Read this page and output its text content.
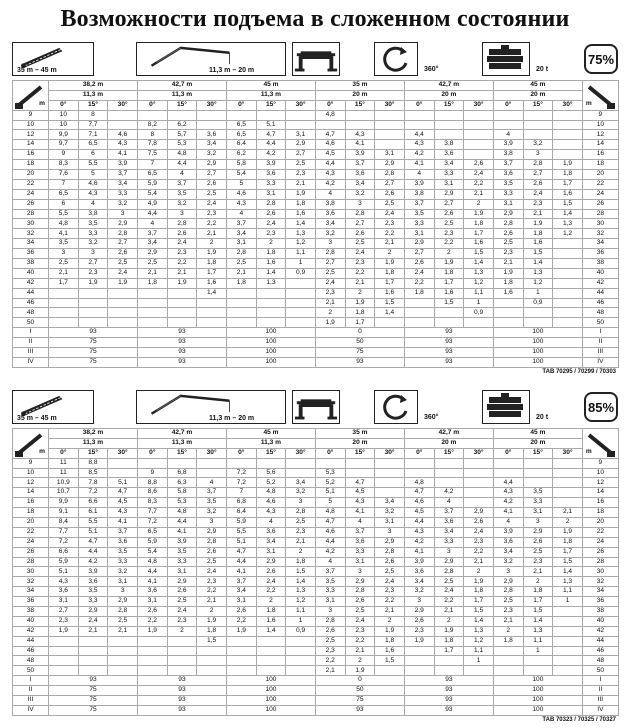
Возможности подъема в сложенном состоянии
35 m – 45 m	11,3 m – 20 m	360°	20 t
75%
m	38,2 m			42,7 m			45 m			35 m			42,7 m			45 m			m

	11,3 m			11,3 m			11,3 m			20 m			20 m			20 m			
	0°	15°	30°	0°	15°	30°	0°	15°	30°	0°	15°	30°	0°	15°	30°	0°	15°	30°	
9	10	8								4,8									9
10	10	7,7		8,2	6,2		6,5	5,1											10
12	9,9	7,1	4,6	8	5,7	3,6	6,5	4,7	3,1	4,7	4,3		4,4			4			12
14	9,7	6,5	4,3	7,8	5,3	3,4	6,4	4,4	2,9	4,6	4,1		4,3	3,8		3,9	3,2		14
16	9	6	4,1	7,5	4,8	3,2	6,2	4,2	2,7	4,5	3,9	3,1	4,2	3,6		3,8	3		16
18	8,3	5,5	3,9	7	4,4	2,9	5,8	3,9	2,5	4,4	3,7	2,9	4,1	3,4	2,6	3,7	2,8	1,9	18
20	7,6	5	3,7	6,5	4	2,7	5,4	3,6	2,3	4,3	3,6	2,8	4	3,3	2,4	3,6	2,7	1,8	20
22	7	4,6	3,4	5,9	3,7	2,6	5	3,3	2,1	4,2	3,4	2,7	3,9	3,1	2,2	3,5	2,6	1,7	22
24	6,5	4,3	3,3	5,4	3,5	2,5	4,6	3,1	1,9	4	3,2	2,6	3,8	2,9	2,1	3,3	2,4	1,6	24
26	6	4	3,2	4,9	3,2	2,4	4,3	2,8	1,8	3,8	3	2,5	3,7	2,7	2	3,1	2,3	1,5	26
28	5,5	3,8	3	4,4	3	2,3	4	2,6	1,6	3,6	2,8	2,4	3,5	2,6	1,9	2,9	2,1	1,4	28
30	4,8	3,5	2,9	4	2,8	2,2	3,7	2,4	1,4	3,4	2,7	2,3	3,3	2,5	1,8	2,8	1,9	1,3	30
32	4,1	3,3	2,8	3,7	2,6	2,1	3,4	2,3	1,3	3,2	2,6	2,2	3,1	2,3	1,7	2,6	1,8	1,2	32
34	3,5	3,2	2,7	3,4	2,4	2	3,1	2	1,2	3	2,5	2,1	2,9	2,2	1,6	2,5	1,6		34
36	3	3	2,6	2,9	2,3	1,9	2,8	1,8	1,1	2,8	2,4	2	2,7	2	1,5	2,3	1,5		36
38	2,5	2,7	2,5	2,5	2,2	1,8	2,5	1,6	1	2,7	2,3	1,9	2,6	1,9	1,4	2,1	1,4		38
40	2,1	2,3	2,4	2,1	2,1	1,7	2,1	1,4	0,9	2,5	2,2	1,8	2,4	1,8	1,3	1,9	1,3		40
42	1,7	1,9	1,9	1,8	1,9	1,6	1,8	1,3		2,4	2,1	1,7	2,2	1,7	1,2	1,8	1,2		42
44						1,4				2,3	2	1,6	1,8	1,6	1,1	1,6	1		44
46										2,1	1,9	1,5		1,5	1		0,9		46
48										2	1,8	1,4			0,9				48
50										1,9	1,7								50
I	93			93			100			0			93			100			I
II	75			93			100			50			93			100			II
III	75			93			100			75			93			100			III
IV	75			93			100			93			93			100			IV
TAB 70295 / 70299 / 70303
35 m – 45 m	11,3 m – 20 m	360°	20 t
85%
m	38,2 m			42,7 m			45 m			35 m			42,7 m			45 m			m

	11,3 m			11,3 m			11,3 m			20 m			20 m			20 m			
	0°	15°	30°	0°	15°	30°	0°	15°	30°	0°	15°	30°	0°	15°	30°	0°	15°	30°	
9	11	8,8																	9
10	11	8,5		9	6,8		7,2	5,6		5,3									10
12	10,9	7,8	5,1	8,8	6,3	4	7,2	5,2	3,4	5,2	4,7		4,8			4,4			12
14	10,7	7,2	4,7	8,6	5,8	3,7	7	4,8	3,2	5,1	4,5		4,7	4,2		4,3	3,5		14
16	9,9	6,6	4,5	8,3	5,3	3,5	6,8	4,6	3	5	4,3	3,4	4,6	4		4,2	3,3		16
18	9,1	6,1	4,3	7,7	4,8	3,2	6,4	4,3	2,8	4,8	4,1	3,2	4,5	3,7	2,9	4,1	3,1	2,1	18
20	8,4	5,5	4,1	7,2	4,4	3	5,9	4	2,5	4,7	4	3,1	4,4	3,6	2,6	4	3	2	20
22	7,7	5,1	3,7	6,5	4,1	2,9	5,5	3,6	2,3	4,6	3,7	3	4,3	3,4	2,4	3,9	2,9	1,9	22
24	7,2	4,7	3,6	5,9	3,9	2,8	5,1	3,4	2,1	4,4	3,6	2,9	4,2	3,3	2,3	3,6	2,6	1,8	24
26	6,6	4,4	3,5	5,4	3,5	2,6	4,7	3,1	2	4,2	3,3	2,8	4,1	3	2,2	3,4	2,5	1,7	26
28	5,9	4,2	3,3	4,8	3,3	2,5	4,4	2,9	1,8	4	3,1	2,6	3,9	2,9	2,1	3,2	2,3	1,5	28
30	5,1	3,9	3,2	4,4	3,1	2,4	4,1	2,6	1,5	3,7	3	2,5	3,6	2,8	2	3	2,1	1,4	30
32	4,3	3,6	3,1	4,1	2,9	2,3	3,7	2,4	1,4	3,5	2,9	2,4	3,4	2,5	1,9	2,9	2	1,3	32
34	3,6	3,5	3	3,6	2,6	2,2	3,4	2,2	1,3	3,3	2,8	2,3	3,2	2,4	1,8	2,8	1,8	1,1	34
36	3,1	3,3	2,9	3,1	2,5	2,1	3,1	2	1,2	3,1	2,6	2,2	3	2,2	1,7	2,5	1,7	1	36
38	2,7	2,9	2,8	2,6	2,4	2	2,6	1,8	1,1	3	2,5	2,1	2,9	2,1	1,5	2,3	1,5		38
40	2,3	2,4	2,5	2,2	2,3	1,9	2,2	1,6	1	2,8	2,4	2	2,6	2	1,4	2,1	1,4		40
42	1,9	2,1	2,1	1,9	2	1,8	1,9	1,4	0,9	2,6	2,3	1,9	2,3	1,9	1,3	2	1,3		42
44						1,5				2,5	2,2	1,8	1,9	1,8	1,2	1,8	1,1		44
46										2,3	2,1	1,6		1,7	1,1		1		46
48										2,2	2	1,5			1				48
50										2,1	1,9								50
I	93			93			100			0			93			100			I
II	75			93			100			50			93			100			II
III	75			93			100			75			93			100			III
IV	75			93			100			93			93			100			IV
TAB 70323 / 70325 / 70327
